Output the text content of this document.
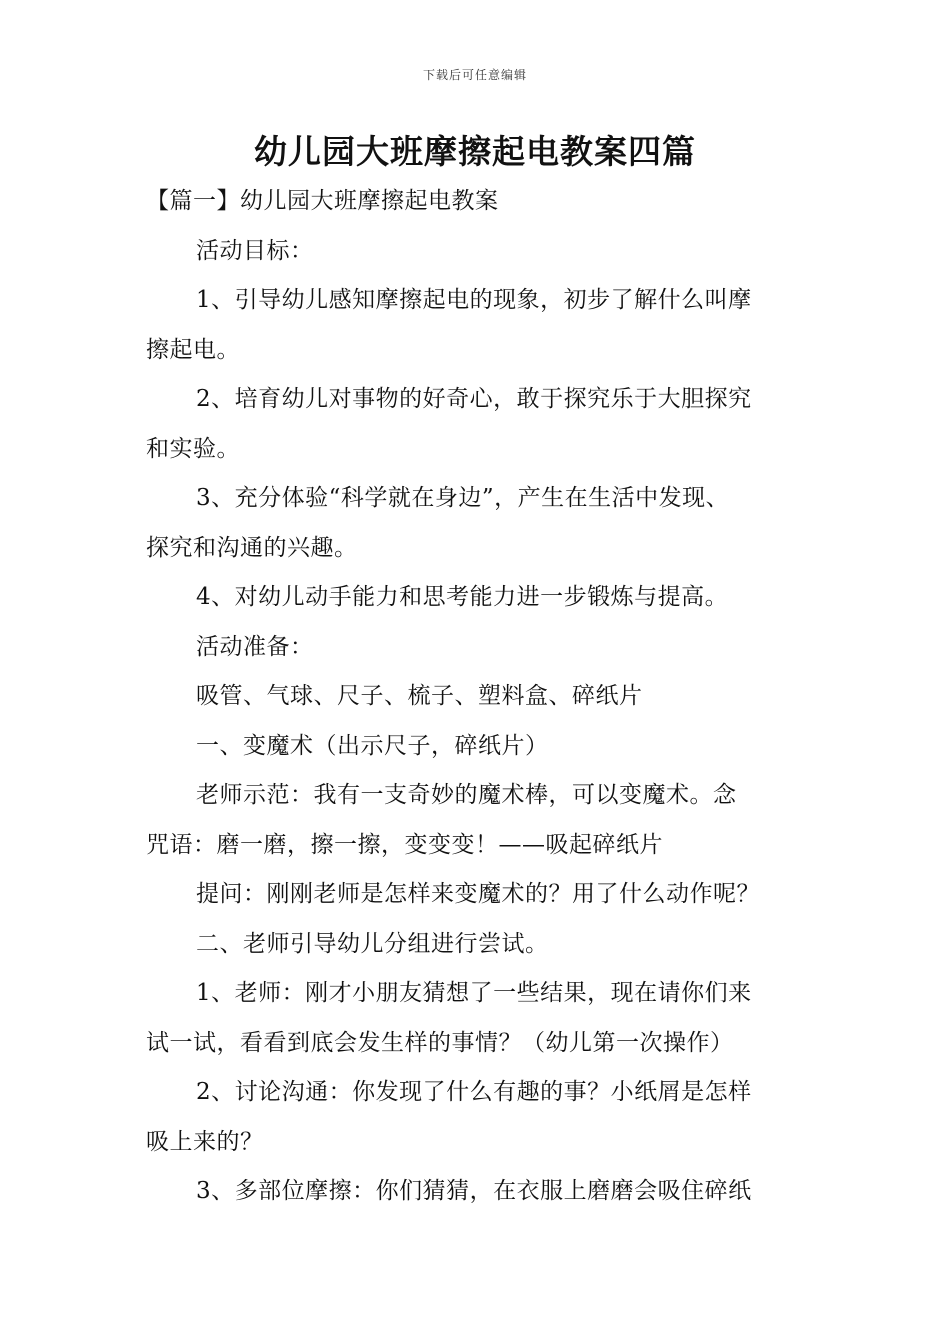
下载后可任意编辑
幼儿园大班摩擦起电教案四篇
【篇一】幼儿园大班摩擦起电教案
活动目标：
1、引导幼儿感知摩擦起电的现象，初步了解什么叫摩
擦起电。
2、培育幼儿对事物的好奇心，敢于探究乐于大胆探究
和实验。
3、充分体验“科学就在身边”，产生在生活中发现、
探究和沟通的兴趣。
4、对幼儿动手能力和思考能力进一步锻炼与提高。
活动准备：
吸管、气球、尺子、梳子、塑料盒、碎纸片
一、变魔术（出示尺子，碎纸片）
老师示范：我有一支奇妙的魔术棒，可以变魔术。念
咒语：磨一磨，擦一擦，变变变！——吸起碎纸片
提问：刚刚老师是怎样来变魔术的？用了什么动作呢？
二、老师引导幼儿分组进行尝试。
1、老师：刚才小朋友猜想了一些结果，现在请你们来
试一试，看看到底会发生样的事情？（幼儿第一次操作）
2、讨论沟通：你发现了什么有趣的事？小纸屑是怎样
吸上来的？
3、多部位摩擦：你们猜猜，在衣服上磨磨会吸住碎纸
